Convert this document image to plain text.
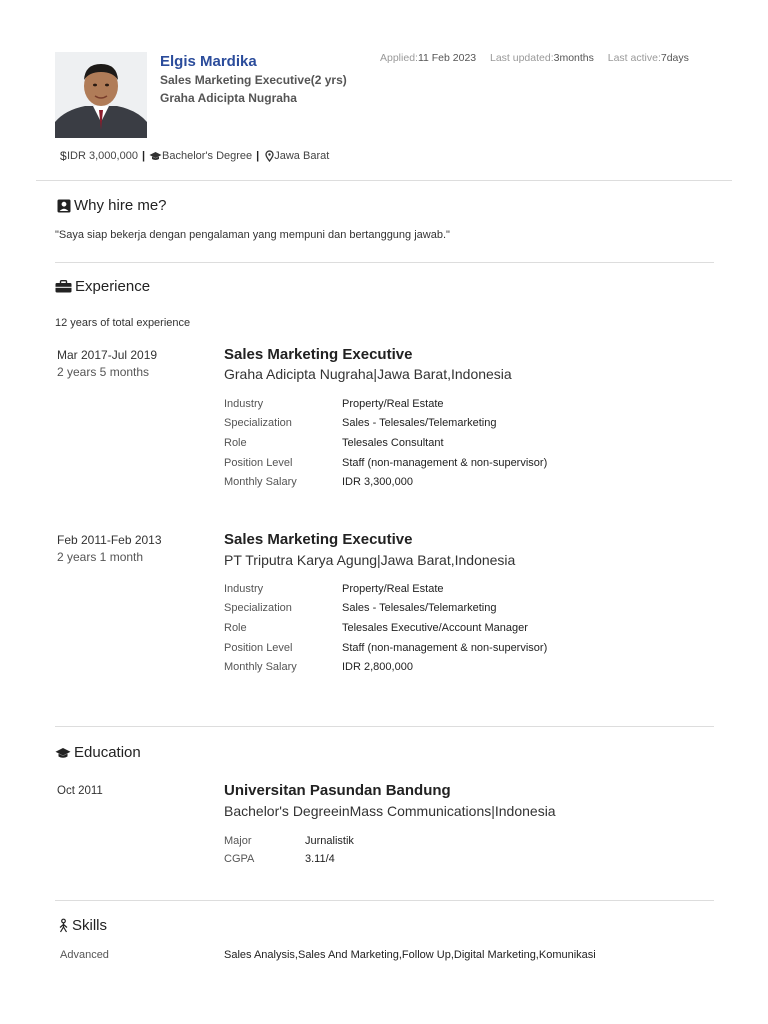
Elgis Mardika
Sales Marketing Executive(2 yrs)
Graha Adicipta Nugraha
Applied:11 Feb 2023 Last updated:3months Last active:7days
$ IDR 3,000,000 | Bachelor's Degree | Jawa Barat
Why hire me?
"Saya siap bekerja dengan pengalaman yang mempuni dan bertanggung jawab."
Experience
12 years of total experience
Mar 2017-Jul 2019
2 years 5 months
Sales Marketing Executive
Graha Adicipta Nugraha|Jawa Barat,Indonesia
Industry	Property/Real Estate
Specialization	Sales - Telesales/Telemarketing
Role	Telesales Consultant
Position Level	Staff (non-management & non-supervisor)
Monthly Salary	IDR 3,300,000
Feb 2011-Feb 2013
2 years 1 month
Sales Marketing Executive
PT Triputra Karya Agung|Jawa Barat,Indonesia
Industry	Property/Real Estate
Specialization	Sales - Telesales/Telemarketing
Role	Telesales Executive/Account Manager
Position Level	Staff (non-management & non-supervisor)
Monthly Salary	IDR 2,800,000
Education
Oct 2011	Universitan Pasundan Bandung
Bachelor's DegreeinMass Communications|Indonesia
Major	Jurnalistik
CGPA	3.11/4
Skills
Advanced	Sales Analysis,Sales And Marketing,Follow Up,Digital Marketing,Komunikasi
